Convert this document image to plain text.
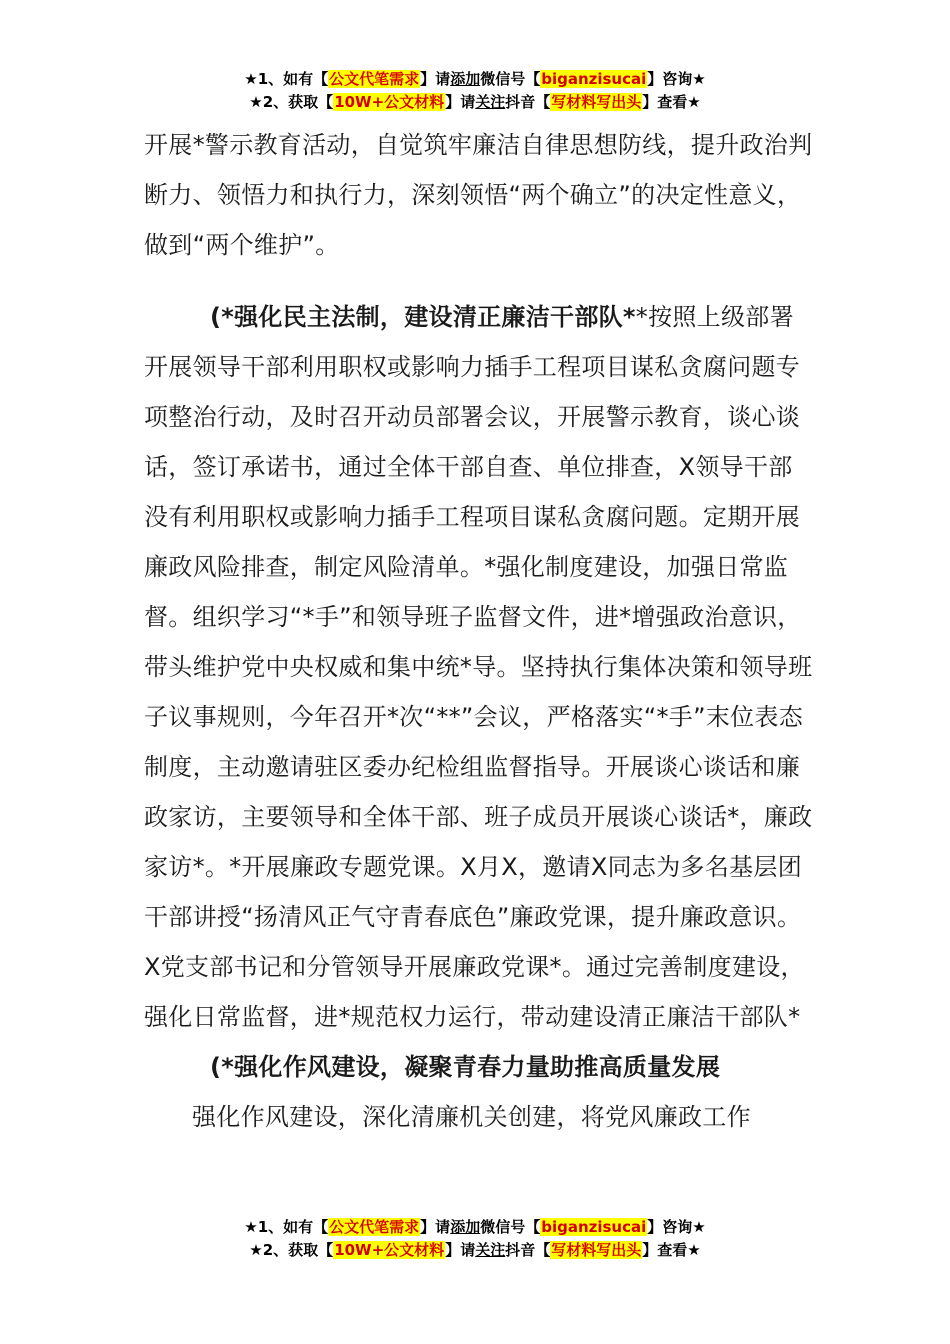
★1、如有【公文代笔需求】请添加微信号【biganzisucai】咨询★
★2、获取【10W+公文材料】请关注抖音【写材料写出头】查看★

开展*警示教育活动，自觉筑牢廉洁自律思想防线，提升政治判断力、领悟力和执行力，深刻领悟“两个确立”的决定性意义，做到“两个维护”。

(*强化民主法制，建设清正廉洁干部队**按照上级部署开展领导干部利用职权或影响力插手工程项目谋私贪腐问题专项整治行动，及时召开动员部署会议，开展警示教育，谈心谈话，签订承诺书，通过全体干部自查、单位排查，X领导干部没有利用职权或影响力插手工程项目谋私贪腐问题。定期开展廉政风险排查，制定风险清单。*强化制度建设，加强日常监督。组织学习“*手”和领导班子监督文件，进*增强政治意识，带头维护党中央权威和集中统*导。坚持执行集体决策和领导班子议事规则，今年召开*次“**”会议，严格落实“*手”末位表态制度，主动邀请驻区委办纪检组监督指导。开展谈心谈话和廉政家访，主要领导和全体干部、班子成员开展谈心谈话*，廉政家访*。*开展廉政专题党课。X月X，邀请X同志为多名基层团干部讲授“扬清风正气守青春底色”廉政党课，提升廉政意识。X党支部书记和分管领导开展廉政党课*。通过完善制度建设，强化日常监督，进*规范权力运行，带动建设清正廉洁干部队*

(*强化作风建设，凝聚青春力量助推高质量发展

强化作风建设，深化清廉机关创建，将党风廉政工作

★1、如有【公文代笔需求】请添加微信号【biganzisucai】咨询★
★2、获取【10W+公文材料】请关注抖音【写材料写出头】查看★
